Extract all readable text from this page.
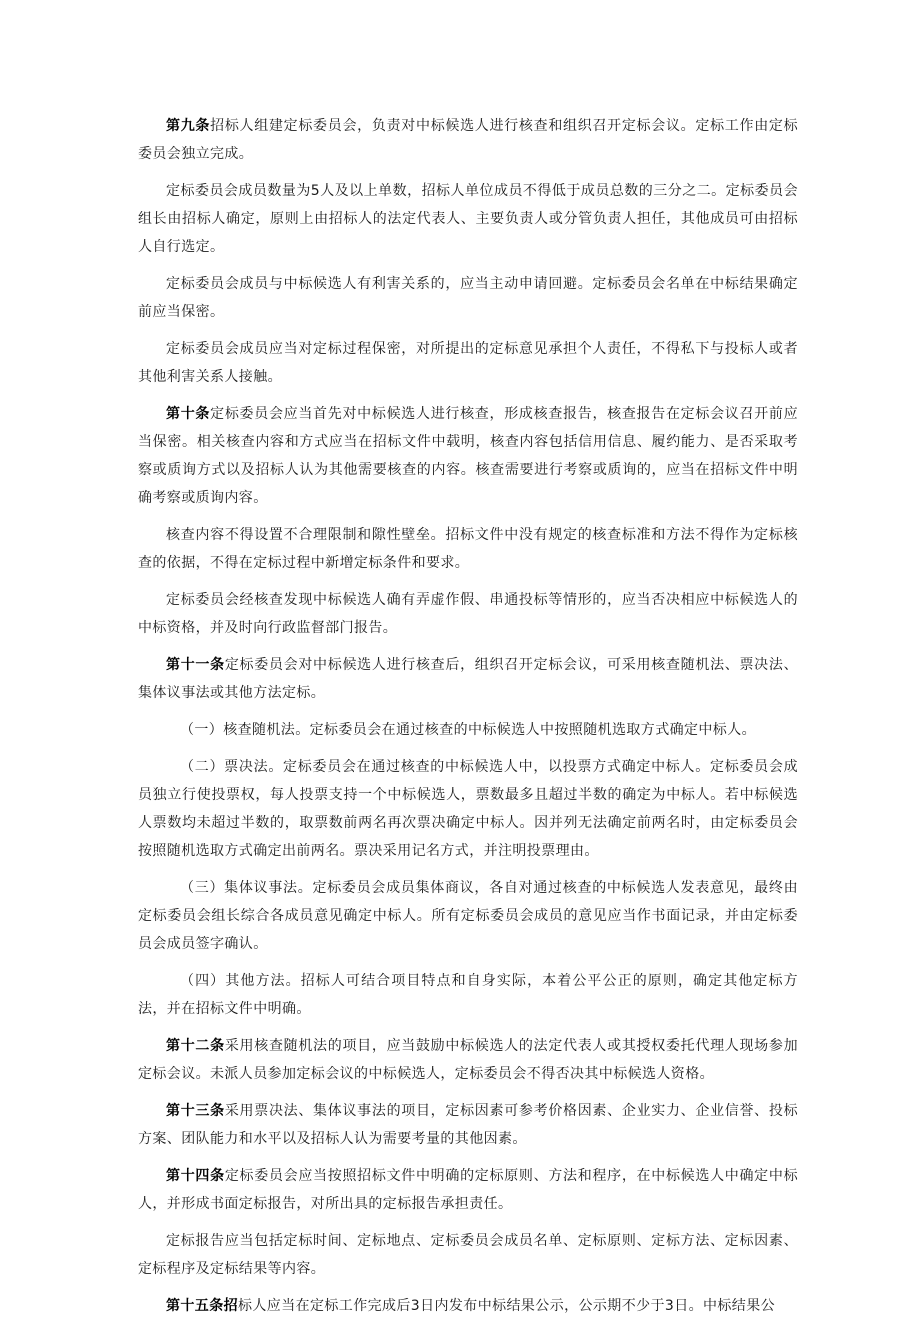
第九条招标人组建定标委员会，负责对中标候选人进行核查和组织召开定标会议。定标工作由定标委员会独立完成。

定标委员会成员数量为5人及以上单数，招标人单位成员不得低于成员总数的三分之二。定标委员会组长由招标人确定，原则上由招标人的法定代表人、主要负责人或分管负责人担任，其他成员可由招标人自行选定。

定标委员会成员与中标候选人有利害关系的，应当主动申请回避。定标委员会名单在中标结果确定前应当保密。

定标委员会成员应当对定标过程保密，对所提出的定标意见承担个人责任，不得私下与投标人或者其他利害关系人接触。

第十条定标委员会应当首先对中标候选人进行核查，形成核查报告，核查报告在定标会议召开前应当保密。相关核查内容和方式应当在招标文件中载明，核查内容包括信用信息、履约能力、是否采取考察或质询方式以及招标人认为其他需要核查的内容。核查需要进行考察或质询的，应当在招标文件中明确考察或质询内容。

核查内容不得设置不合理限制和隙性壁垒。招标文件中没有规定的核查标准和方法不得作为定标核查的依据，不得在定标过程中新增定标条件和要求。

定标委员会经核查发现中标候选人确有弄虚作假、串通投标等情形的，应当否决相应中标候选人的中标资格，并及时向行政监督部门报告。

第十一条定标委员会对中标候选人进行核查后，组织召开定标会议，可采用核查随机法、票决法、集体议事法或其他方法定标。

（一）核查随机法。定标委员会在通过核查的中标候选人中按照随机选取方式确定中标人。

（二）票决法。定标委员会在通过核查的中标候选人中，以投票方式确定中标人。定标委员会成员独立行使投票权，每人投票支持一个中标候选人，票数最多且超过半数的确定为中标人。若中标候选人票数均未超过半数的，取票数前两名再次票决确定中标人。因并列无法确定前两名时，由定标委员会按照随机选取方式确定出前两名。票决采用记名方式，并注明投票理由。

（三）集体议事法。定标委员会成员集体商议，各自对通过核查的中标候选人发表意见，最终由定标委员会组长综合各成员意见确定中标人。所有定标委员会成员的意见应当作书面记录，并由定标委员会成员签字确认。

（四）其他方法。招标人可结合项目特点和自身实际，本着公平公正的原则，确定其他定标方法，并在招标文件中明确。

第十二条采用核查随机法的项目，应当鼓励中标候选人的法定代表人或其授权委托代理人现场参加定标会议。未派人员参加定标会议的中标候选人，定标委员会不得否决其中标候选人资格。

第十三条采用票决法、集体议事法的项目，定标因素可参考价格因素、企业实力、企业信誉、投标方案、团队能力和水平以及招标人认为需要考量的其他因素。

第十四条定标委员会应当按照招标文件中明确的定标原则、方法和程序，在中标候选人中确定中标人，并形成书面定标报告，对所出具的定标报告承担责任。

定标报告应当包括定标时间、定标地点、定标委员会成员名单、定标原则、定标方法、定标因素、定标程序及定标结果等内容。

第十五条招标人应当在定标工作完成后3日内发布中标结果公示，公示期不少于3日。中标结果公
